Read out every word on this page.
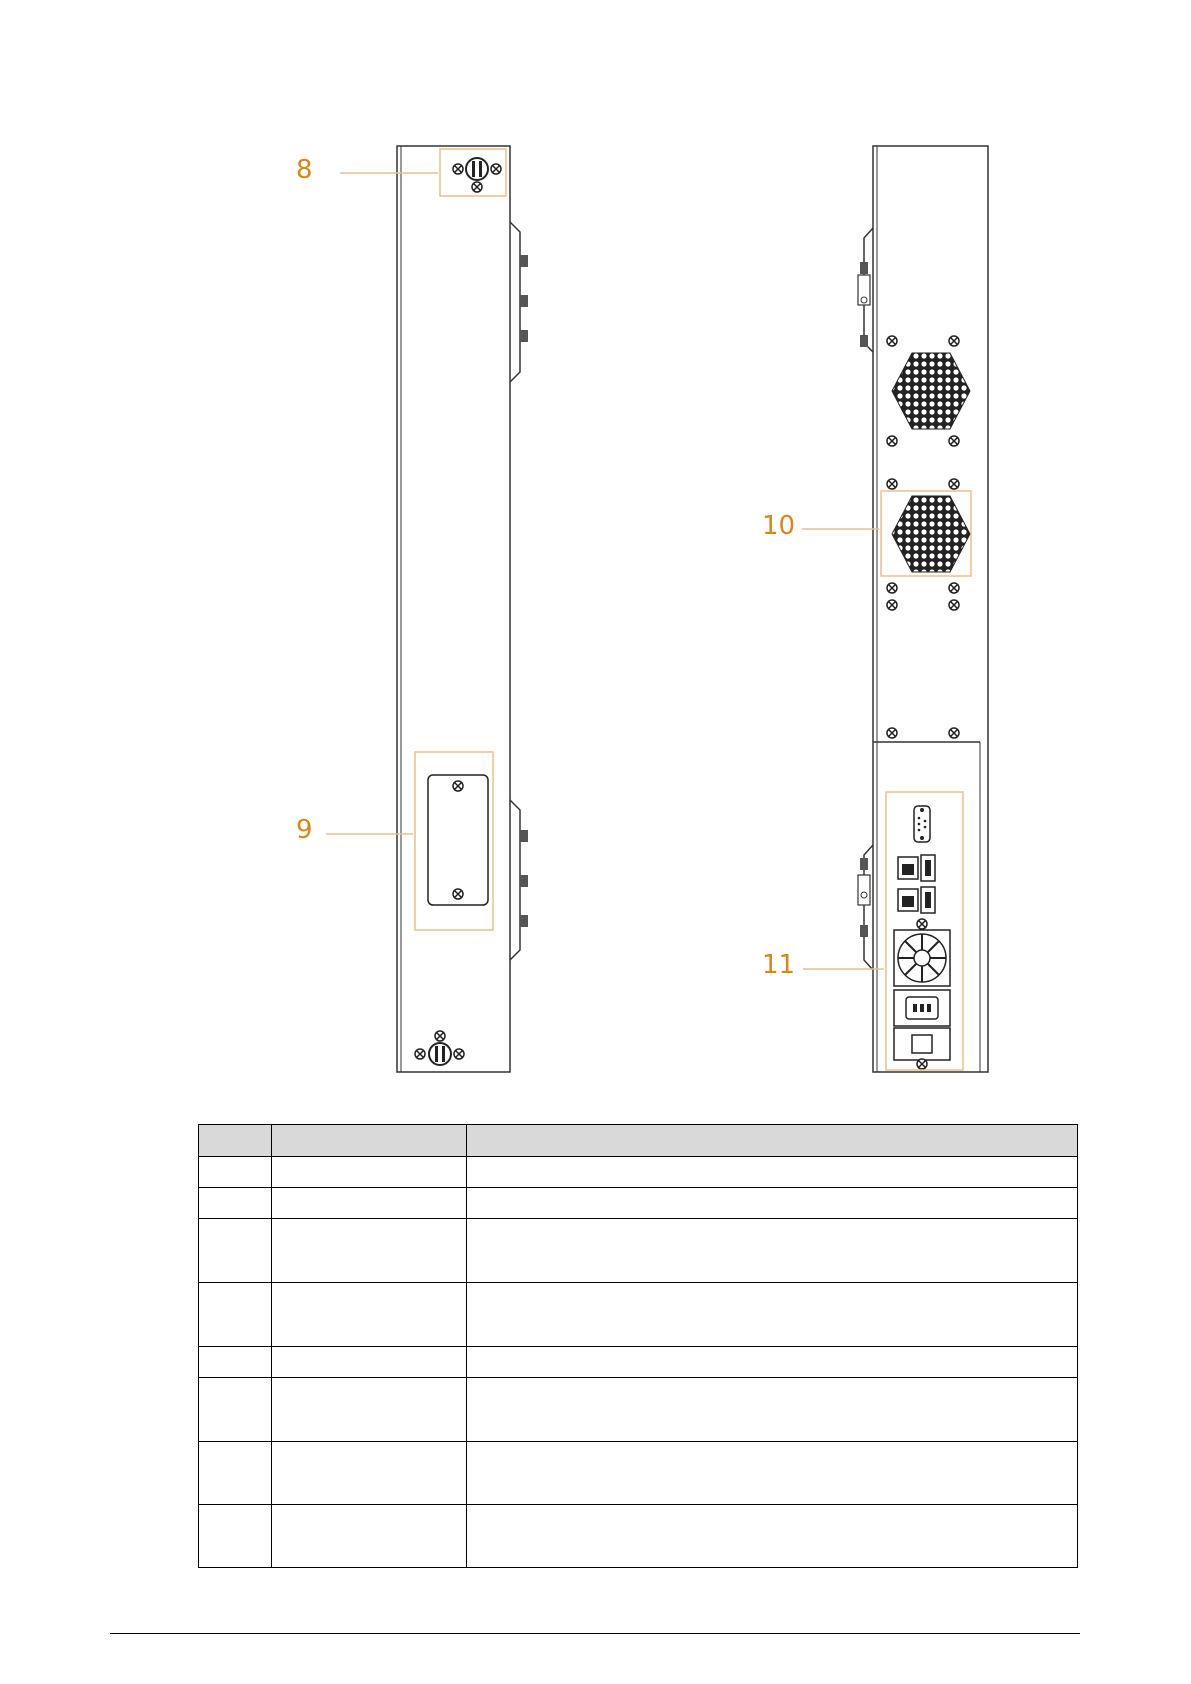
8
9
10
11
